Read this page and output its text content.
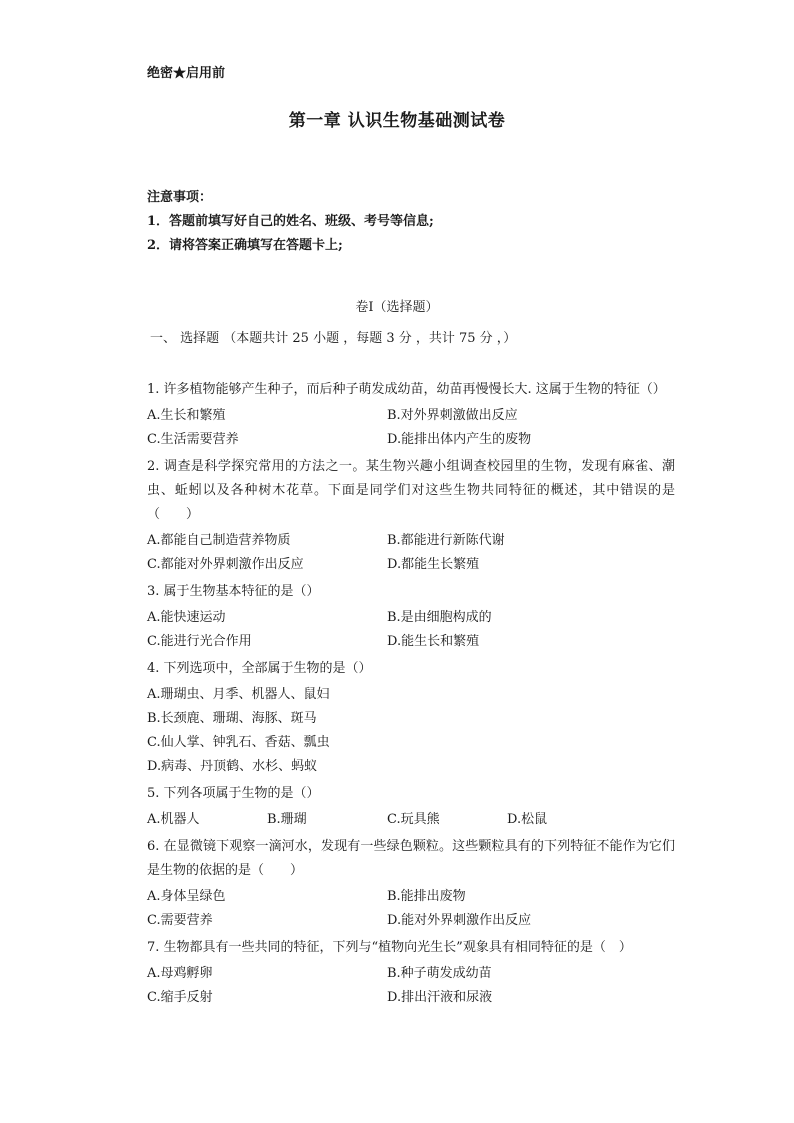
绝密★启用前
第一章 认识生物基础测试卷
注意事项：
1．答题前填写好自己的姓名、班级、考号等信息;
2．请将答案正确填写在答题卡上;
卷I（选择题）
一、 选择题 （本题共计 25 小题 ，每题 3 分 ，共计 75 分 ，）

1. 许多植物能够产生种子，而后种子萌发成幼苗，幼苗再慢慢长大. 这属于生物的特征（）

A.生长和繁殖	B.对外界刺激做出反应
C.生活需要营养	D.能排出体内产生的废物

2. 调查是科学探究常用的方法之一。某生物兴趣小组调查校园里的生物，发现有麻雀、潮虫、蚯蚓以及各种树木花草。下面是同学们对这些生物共同特征的概述，其中错误的是（　　）

A.都能自己制造营养物质	B.都能进行新陈代谢
C.都能对外界刺激作出反应	D.都能生长繁殖

3. 属于生物基本特征的是（）

A.能快速运动	B.是由细胞构成的
C.能进行光合作用	D.能生长和繁殖

4. 下列选项中，全部属于生物的是（）

A.珊瑚虫、月季、机器人、鼠妇
B.长颈鹿、珊瑚、海豚、斑马
C.仙人掌、钟乳石、香菇、瓢虫
D.病毒、丹顶鹤、水杉、蚂蚁

5. 下列各项属于生物的是（）

A.机器人	B.珊瑚	C.玩具熊	D.松鼠

6. 在显微镜下观察一滴河水，发现有一些绿色颗粒。这些颗粒具有的下列特征不能作为它们是生物的依据的是（　　）

A.身体呈绿色	B.能排出废物
C.需要营养	D.能对外界刺激作出反应

7. 生物都具有一些共同的特征，下列与“植物向光生长”观象具有相同特征的是（　）

A.母鸡孵卵	B.种子萌发成幼苗
C.缩手反射	D.排出汗液和尿液
